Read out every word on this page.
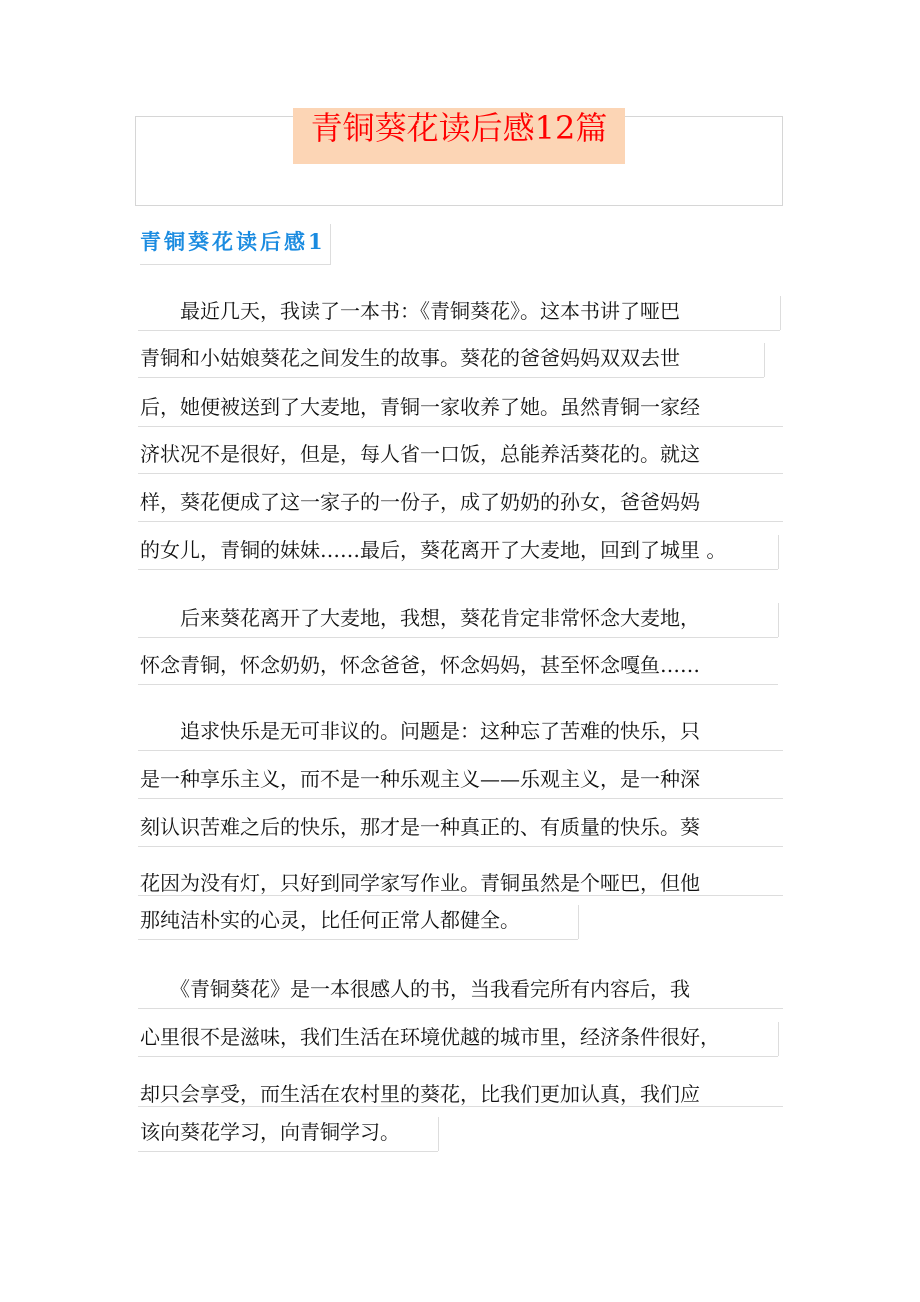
青铜葵花读后感12篇
青铜葵花读后感1
　　最近几天，我读了一本书：《青铜葵花》。这本书讲了哑巴
青铜和小姑娘葵花之间发生的故事。葵花的爸爸妈妈双双去世
后，她便被送到了大麦地，青铜一家收养了她。虽然青铜一家经
济状况不是很好，但是，每人省一口饭，总能养活葵花的。就这
样，葵花便成了这一家子的一份子，成了奶奶的孙女，爸爸妈妈
的女儿，青铜的妹妹……最后，葵花离开了大麦地，回到了城里 。
　　后来葵花离开了大麦地，我想，葵花肯定非常怀念大麦地，
怀念青铜，怀念奶奶，怀念爸爸，怀念妈妈，甚至怀念嘎鱼……
　　追求快乐是无可非议的。问题是：这种忘了苦难的快乐，只
是一种享乐主义，而不是一种乐观主义——乐观主义，是一种深
刻认识苦难之后的快乐，那才是一种真正的、有质量的快乐。葵
花因为没有灯，只好到同学家写作业。青铜虽然是个哑巴，但他
那纯洁朴实的心灵，比任何正常人都健全。
　　《青铜葵花》是一本很感人的书，当我看完所有内容后，我
心里很不是滋味，我们生活在环境优越的城市里，经济条件很好，
却只会享受，而生活在农村里的葵花，比我们更加认真，我们应
该向葵花学习，向青铜学习。
